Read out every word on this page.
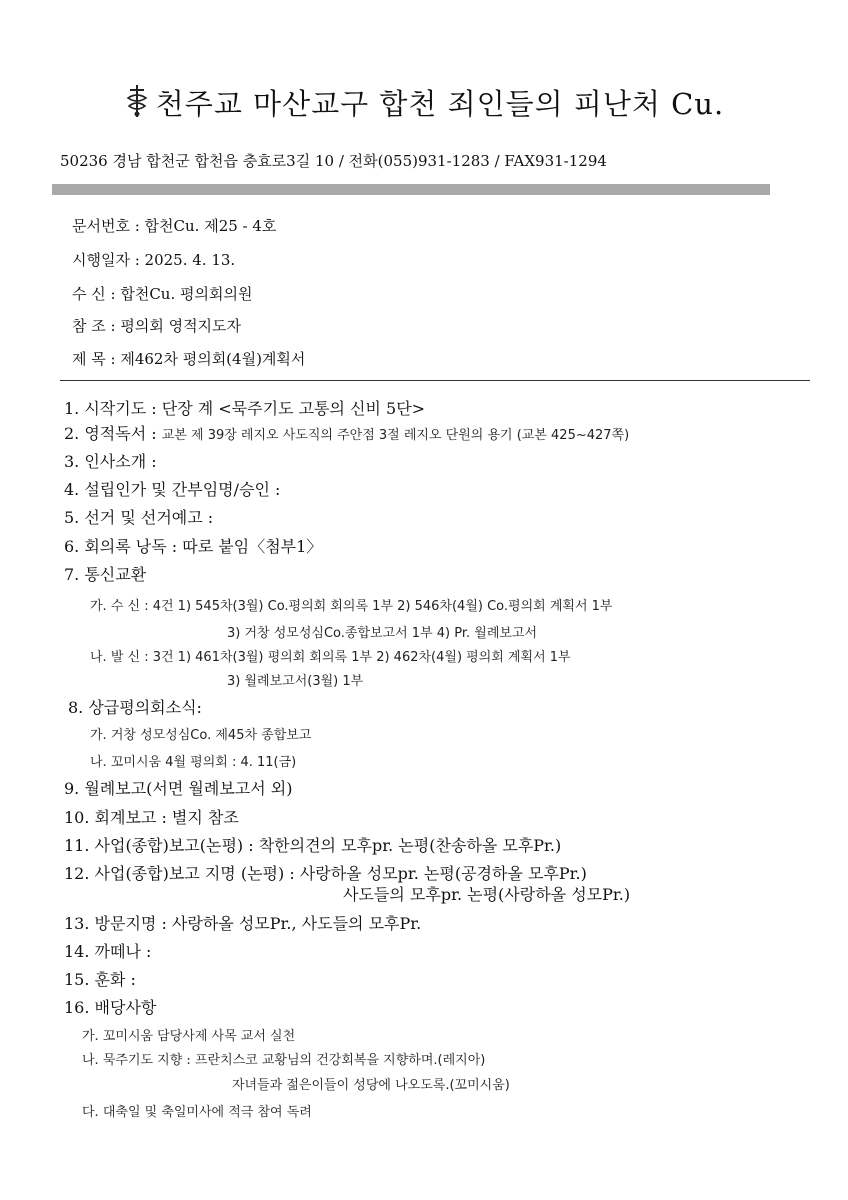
천주교 마산교구 합천 죄인들의 피난처 Cu.
50236 경남 합천군 합천읍 충효로3길 10 / 전화(055)931-1283 / FAX931-1294
문서번호 : 합천Cu. 제25 - 4호
시행일자 : 2025. 4. 13.
수 신 : 합천Cu. 평의회의원
참 조 : 평의회 영적지도자
제 목 : 제462차 평의회(4월)계획서
1. 시작기도 : 단장 계 <묵주기도 고통의 신비 5단>
2. 영적독서 : 교본 제 39장 레지오 사도직의 주안점 3절 레지오 단원의 용기 (교본 425~427쪽)
3. 인사소개 :
4. 설립인가 및 간부임명/승인 :
5. 선거 및 선거예고 :
6. 회의록 낭독 : 따로 붙임〈첨부1〉
7. 통신교환
가. 수 신 : 4건 1) 545차(3월) Co.평의회 회의록 1부 2) 546차(4월) Co.평의회 계획서 1부
3) 거창 성모성심Co.종합보고서 1부 4) Pr. 월례보고서
나. 발 신 : 3건 1) 461차(3월) 평의회 회의록 1부 2) 462차(4월) 평의회 계획서 1부
3) 월례보고서(3월) 1부
8. 상급평의회소식:
가. 거창 성모성심Co. 제45차 종합보고
나. 꼬미시움 4월 평의회 : 4. 11(금)
9. 월례보고(서면 월례보고서 외)
10. 회계보고 : 별지 참조
11. 사업(종합)보고(논평) : 착한의견의 모후pr. 논평(찬송하올 모후Pr.)
12. 사업(종합)보고 지명 (논평) : 사랑하올 성모pr. 논평(공경하올 모후Pr.)
사도들의 모후pr. 논평(사랑하올 성모Pr.)
13. 방문지명 : 사랑하올 성모Pr., 사도들의 모후Pr.
14. 까떼나 :
15. 훈화 :
16. 배당사항
가. 꼬미시움 담당사제 사목 교서 실천
나. 묵주기도 지향 : 프란치스코 교황님의 건강회복을 지향하며.(레지아)
자녀들과 젊은이들이 성당에 나오도록.(꼬미시움)
다. 대축일 및 축일미사에 적극 참여 독려
